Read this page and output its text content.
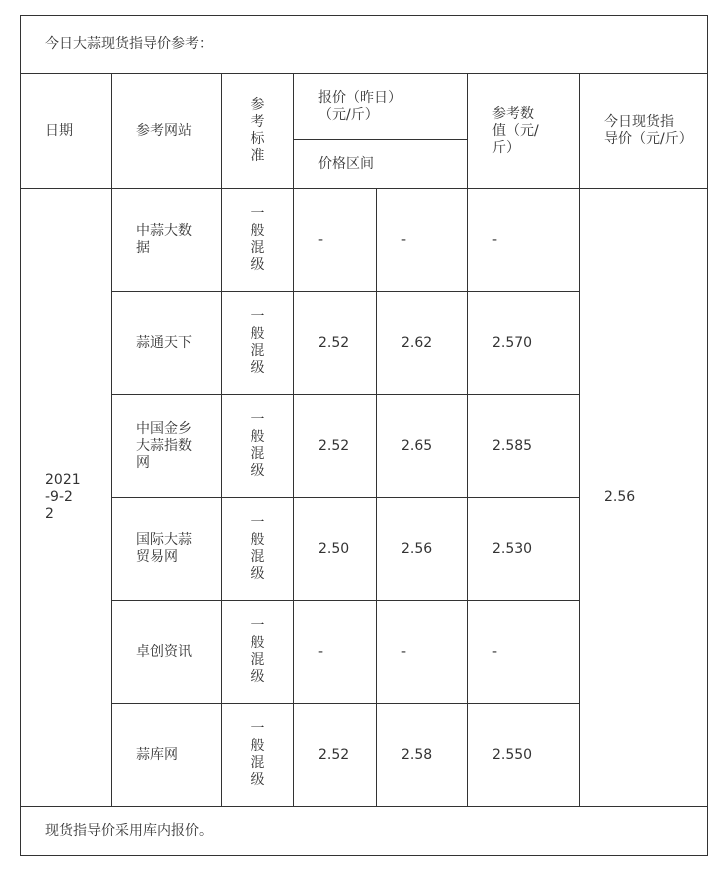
今日大蒜现货指导价参考：						
日期	参考网站	参考标准	报价（昨日）（元/斤）		参考数值（元/斤）	今日现货指导价（元/斤）
			价格区间			
2021-9-22	中蒜大数据	一般混级	-	-	-	2.56
	蒜通天下	一般混级	2.52	2.62	2.570	
	中国金乡大蒜指数网	一般混级	2.52	2.65	2.585	
	国际大蒜贸易网	一般混级	2.50	2.56	2.530	
	卓创资讯	一般混级	-	-	-	
	蒜库网	一般混级	2.52	2.58	2.550	
现货指导价采用库内报价。						
